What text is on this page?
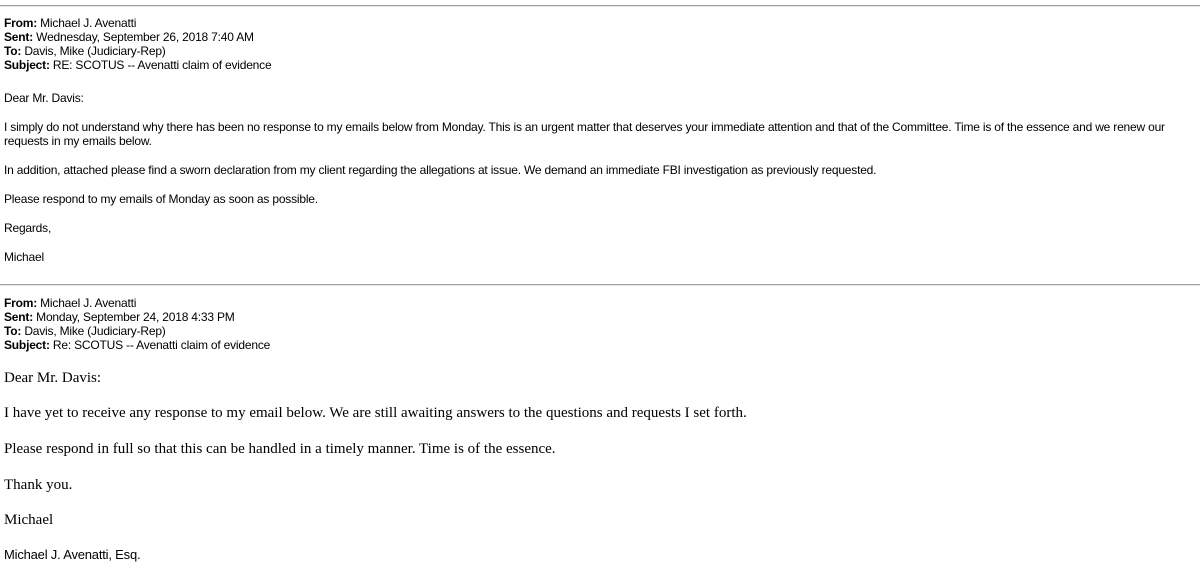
From: Michael J. Avenatti
Sent: Wednesday, September 26, 2018 7:40 AM
To: Davis, Mike (Judiciary-Rep)
Subject: RE: SCOTUS -- Avenatti claim of evidence

Dear Mr. Davis:

I simply do not understand why there has been no response to my emails below from Monday. This is an urgent matter that deserves your immediate attention and that of the Committee. Time is of the essence and we renew our requests in my emails below.

In addition, attached please find a sworn declaration from my client regarding the allegations at issue. We demand an immediate FBI investigation as previously requested.

Please respond to my emails of Monday as soon as possible.

Regards,

Michael

From: Michael J. Avenatti
Sent: Monday, September 24, 2018 4:33 PM
To: Davis, Mike (Judiciary-Rep)
Subject: Re: SCOTUS -- Avenatti claim of evidence

Dear Mr. Davis:

I have yet to receive any response to my email below. We are still awaiting answers to the questions and requests I set forth.

Please respond in full so that this can be handled in a timely manner. Time is of the essence.

Thank you.

Michael

Michael J. Avenatti, Esq.
